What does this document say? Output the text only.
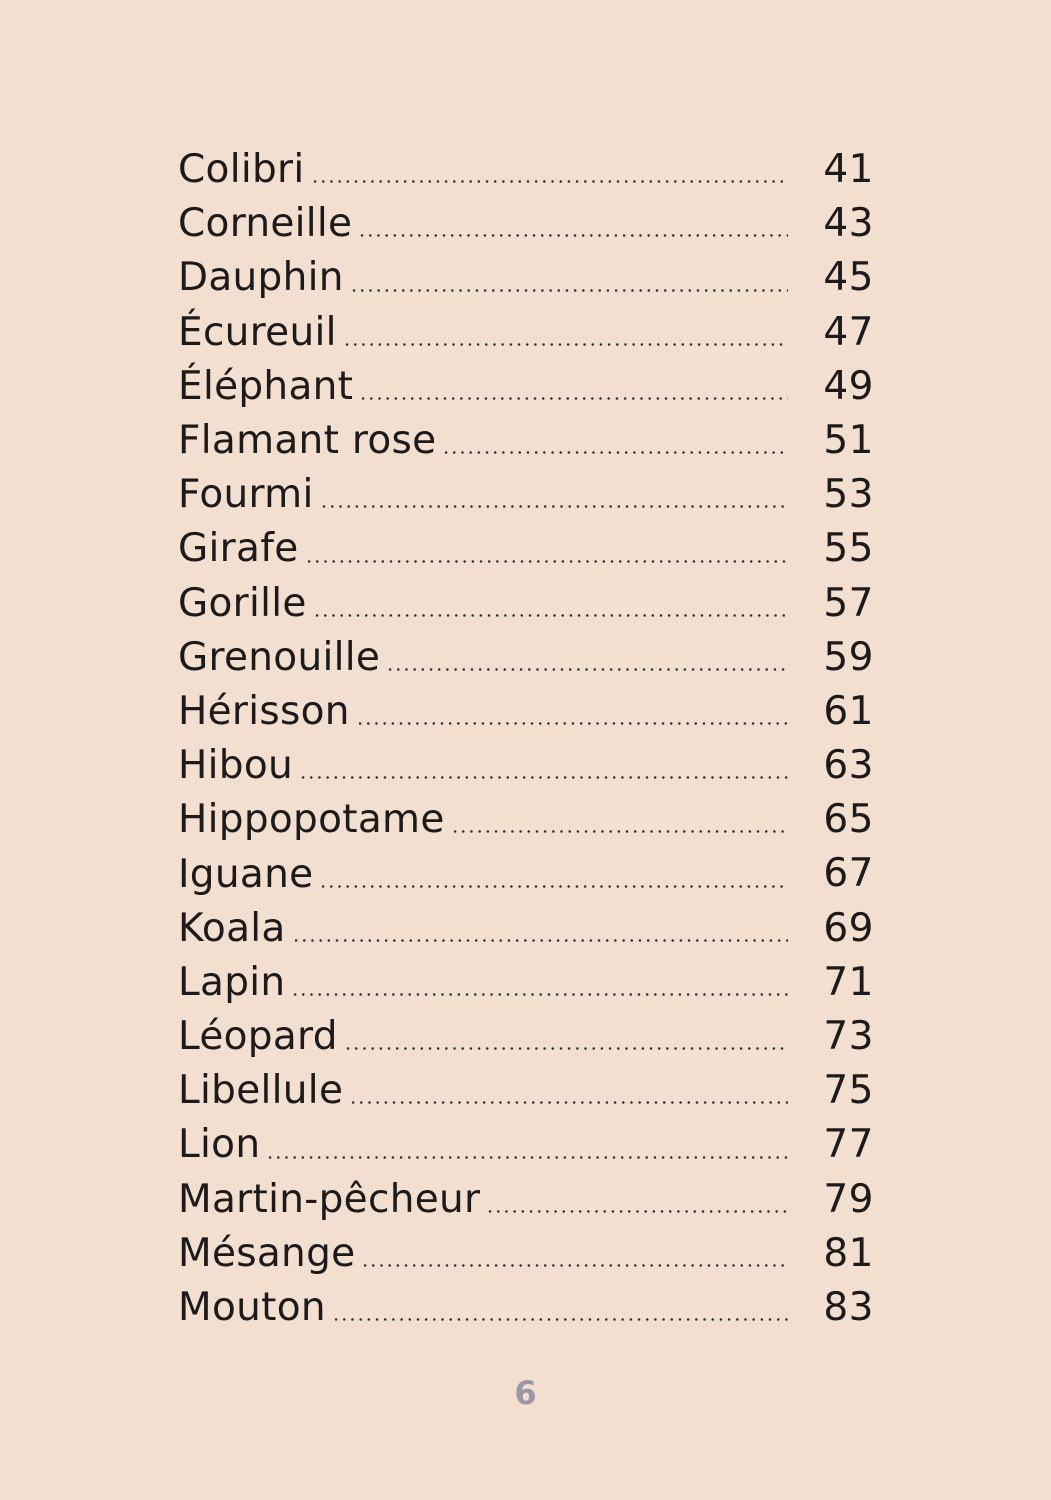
Colibri	41
Corneille	43
Dauphin	45
Écureuil	47
Éléphant	49
Flamant rose	51
Fourmi	53
Girafe	55
Gorille	57
Grenouille	59
Hérisson	61
Hibou	63
Hippopotame	65
Iguane	67
Koala	69
Lapin	71
Léopard	73
Libellule	75
Lion	77
Martin-pêcheur	79
Mésange	81
Mouton	83
6
